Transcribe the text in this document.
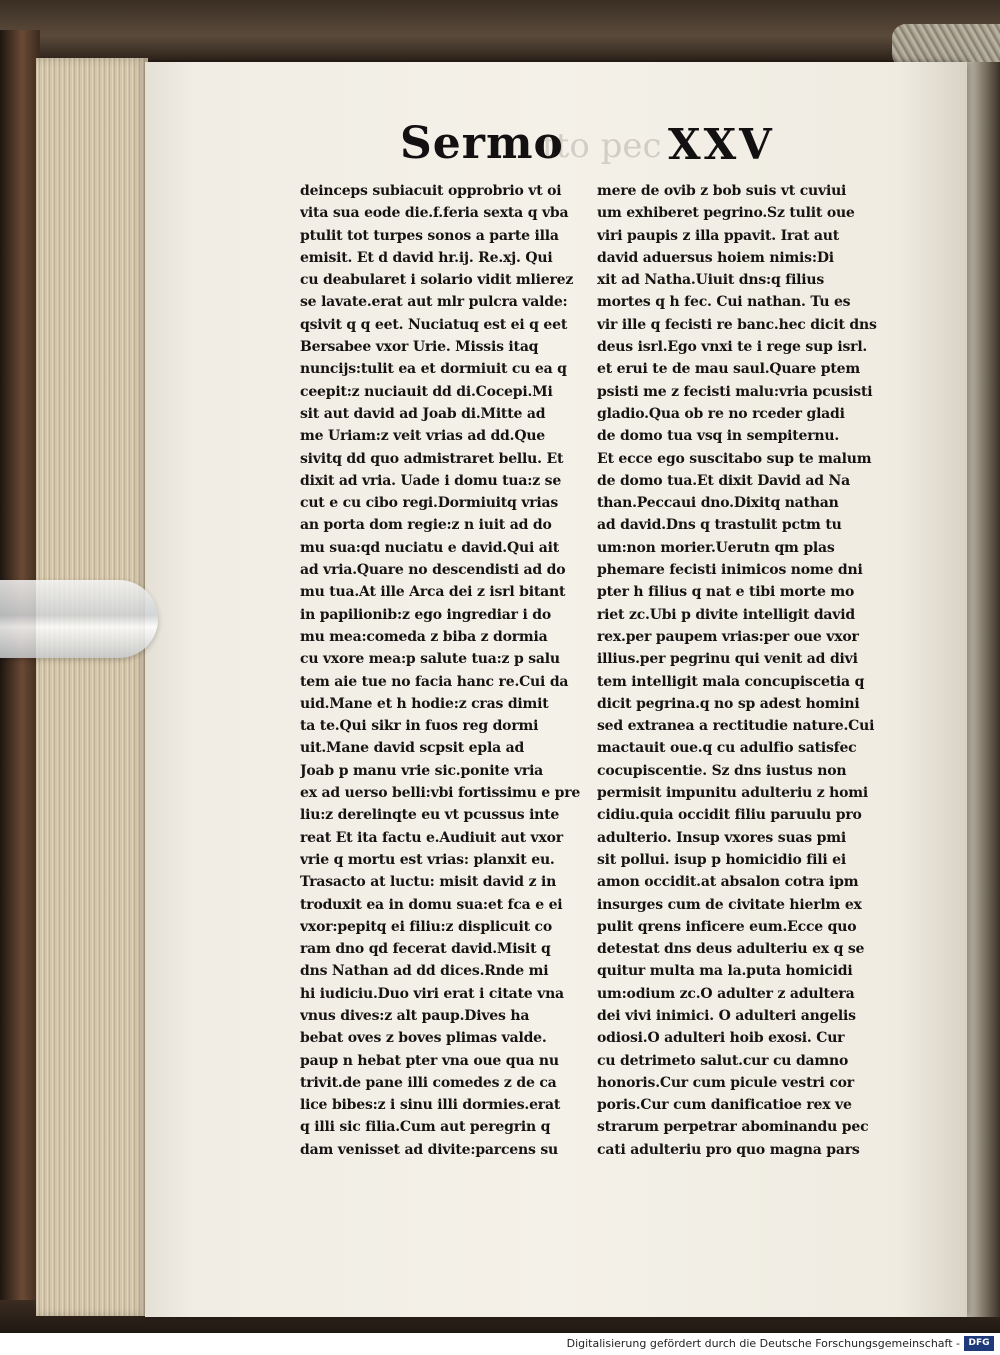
Sermo
tto pec XXV
deinceps subiacuit opprobrio vt oi
vita sua eode die.f.feria sexta q vba
ptulit tot turpes sonos a parte illa
emisit. Et d david hr.ij. Re.xj. Qui
cu deabularet i solario vidit mlierez
se lavate.erat aut mlr pulcra valde:
qsivit q q eet. Nuciatuq est ei q eet
Bersabee vxor Urie. Missis itaq
nuncijs:tulit ea et dormiuit cu ea q
ceepit:z nuciauit dd di.Cocepi.Mi
sit aut david ad Joab di.Mitte ad
me Uriam:z veit vrias ad dd.Que
sivitq dd quo admistraret bellu. Et
dixit ad vria. Uade i domu tua:z se
cut e cu cibo regi.Dormiuitq vrias
an porta dom regie:z n iuit ad do
mu sua:qd nuciatu e david.Qui ait
ad vria.Quare no descendisti ad do
mu tua.At ille Arca dei z isrl bitant
in papilionib:z ego ingrediar i do
mu mea:comeda z biba z dormia
cu vxore mea:p salute tua:z p salu
tem aie tue no facia hanc re.Cui da
uid.Mane et h hodie:z cras dimit
ta te.Qui sikr in fuos reg dormi
uit.Mane david scpsit epla ad
Joab p manu vrie sic.ponite vria
ex ad uerso belli:vbi fortissimu e pre
liu:z derelinqte eu vt pcussus inte
reat Et ita factu e.Audiuit aut vxor
vrie q mortu est vrias: planxit eu.
Trasacto at luctu: misit david z in
troduxit ea in domu sua:et fca e ei
vxor:pepitq ei filiu:z displicuit co
ram dno qd fecerat david.Misit q
dns Nathan ad dd dices.Rnde mi
hi iudiciu.Duo viri erat i citate vna
vnus dives:z alt paup.Dives ha
bebat oves z boves plimas valde.
paup n hebat pter vna oue qua nu
trivit.de pane illi comedes z de ca
lice bibes:z i sinu illi dormies.erat
q illi sic filia.Cum aut peregrin q
dam venisset ad divite:parcens su
mere de ovib z bob suis vt cuviui
um exhiberet pegrino.Sz tulit oue
viri paupis z illa ppavit. Irat aut
david aduersus hoiem nimis:Di
xit ad Natha.Uiuit dns:q filius
mortes q h fec. Cui nathan. Tu es
vir ille q fecisti re banc.hec dicit dns
deus isrl.Ego vnxi te i rege sup isrl.
et erui te de mau saul.Quare ptem
psisti me z fecisti malu:vria pcusisti
gladio.Qua ob re no rceder gladi
de domo tua vsq in sempiternu.
Et ecce ego suscitabo sup te malum
de domo tua.Et dixit David ad Na
than.Peccaui dno.Dixitq nathan
ad david.Dns q trastulit pctm tu
um:non morier.Uerutn qm plas
phemare fecisti inimicos nome dni
pter h filius q nat e tibi morte mo
riet zc.Ubi p divite intelligit david
rex.per paupem vrias:per oue vxor
illius.per pegrinu qui venit ad divi
tem intelligit mala concupiscetia q
dicit pegrina.q no sp adest homini
sed extranea a rectitudie nature.Cui
mactauit oue.q cu adulfio satisfec
cocupiscentie. Sz dns iustus non
permisit impunitu adulteriu z homi
cidiu.quia occidit filiu paruulu pro
adulterio. Insup vxores suas pmi
sit pollui. isup p homicidio fili ei
amon occidit.at absalon cotra ipm
insurges cum de civitate hierlm ex
pulit qrens inficere eum.Ecce quo
detestat dns deus adulteriu ex q se
quitur multa ma la.puta homicidi
um:odium zc.O adulter z adultera
dei vivi inimici. O adulteri angelis
odiosi.O adulteri hoib exosi. Cur
cu detrimeto salut.cur cu damno
honoris.Cur cum picule vestri cor
poris.Cur cum danificatioe rex ve
strarum perpetrar abominandu pec
cati adulteriu pro quo magna pars
Digitalisierung gefördert durch die Deutsche Forschungsgemeinschaft - DFG
